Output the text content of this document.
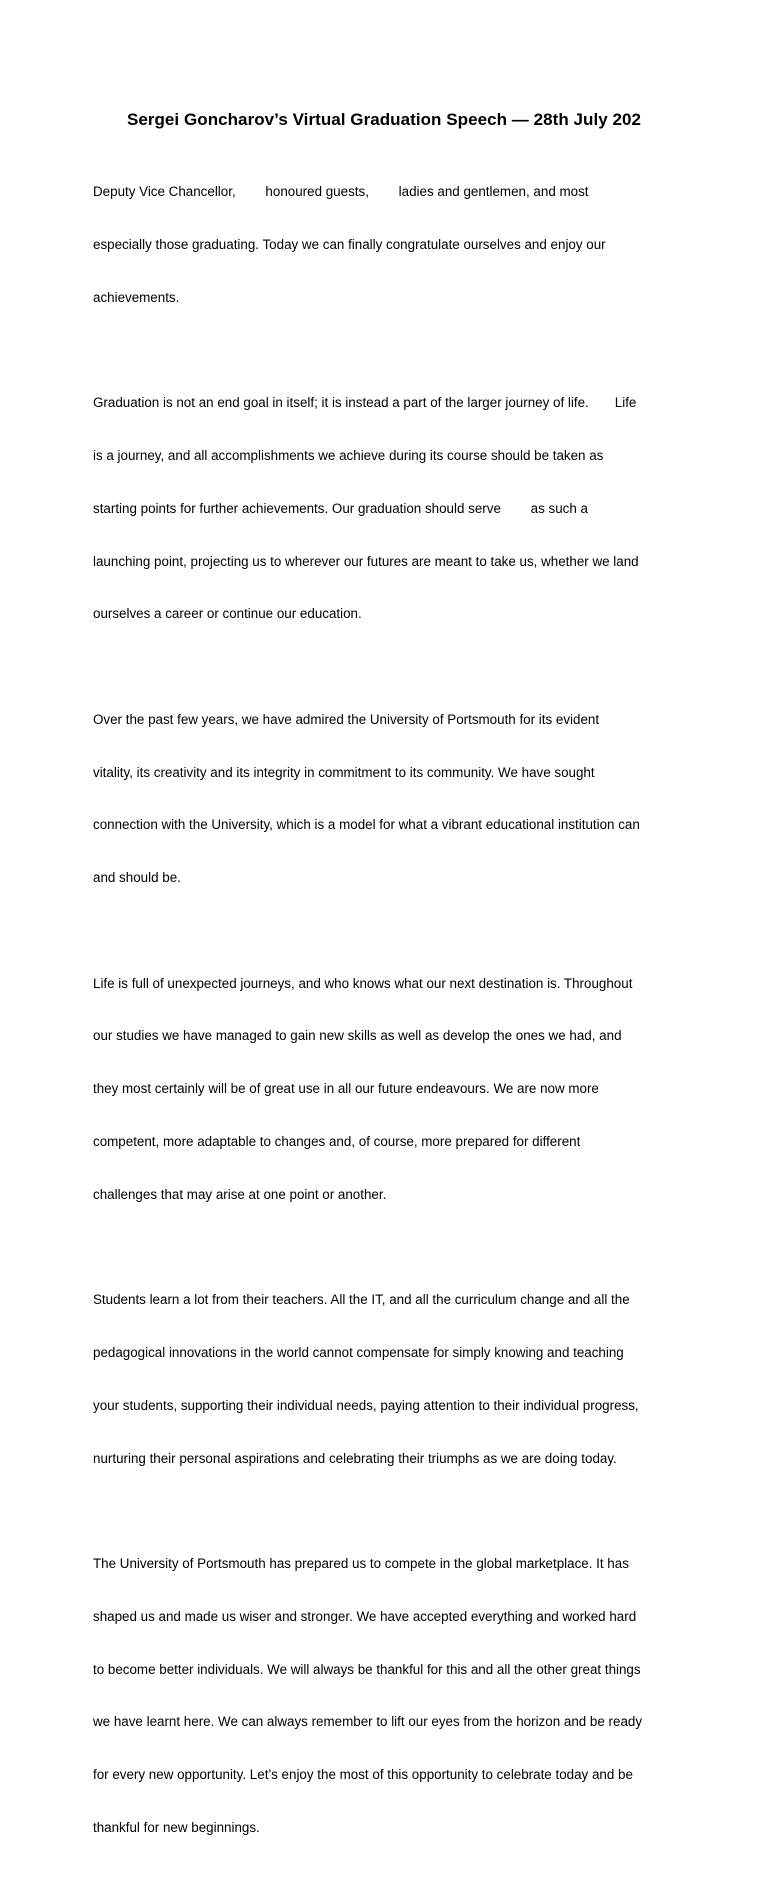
Sergei Goncharov’s Virtual Graduation Speech — 28th July 202

Deputy Vice Chancellor,        honoured guests,        ladies and gentlemen, and most

especially those graduating. Today we can finally congratulate ourselves and enjoy our

achievements.

Graduation is not an end goal in itself; it is instead a part of the larger journey of life.       Life

is a journey, and all accomplishments we achieve during its course should be taken as

starting points for further achievements. Our graduation should serve        as such a

launching point, projecting us to wherever our futures are meant to take us, whether we land

ourselves a career or continue our education.

Over the past few years, we have admired the University of Portsmouth for its evident

vitality, its creativity and its integrity in commitment to its community. We have sought

connection with the University, which is a model for what a vibrant educational institution can

and should be.

Life is full of unexpected journeys, and who knows what our next destination is. Throughout

our studies we have managed to gain new skills as well as develop the ones we had, and

they most certainly will be of great use in all our future endeavours. We are now more

competent, more adaptable to changes and, of course, more prepared for different

challenges that may arise at one point or another.

Students learn a lot from their teachers. All the IT, and all the curriculum change and all the

pedagogical innovations in the world cannot compensate for simply knowing and teaching

your students, supporting their individual needs, paying attention to their individual progress,

nurturing their personal aspirations and celebrating their triumphs as we are doing today.

The University of Portsmouth has prepared us to compete in the global marketplace. It has

shaped us and made us wiser and stronger. We have accepted everything and worked hard

to become better individuals. We will always be thankful for this and all the other great things

we have learnt here. We can always remember to lift our eyes from the horizon and be ready

for every new opportunity. Let’s enjoy the most of this opportunity to celebrate today and be

thankful for new beginnings.
